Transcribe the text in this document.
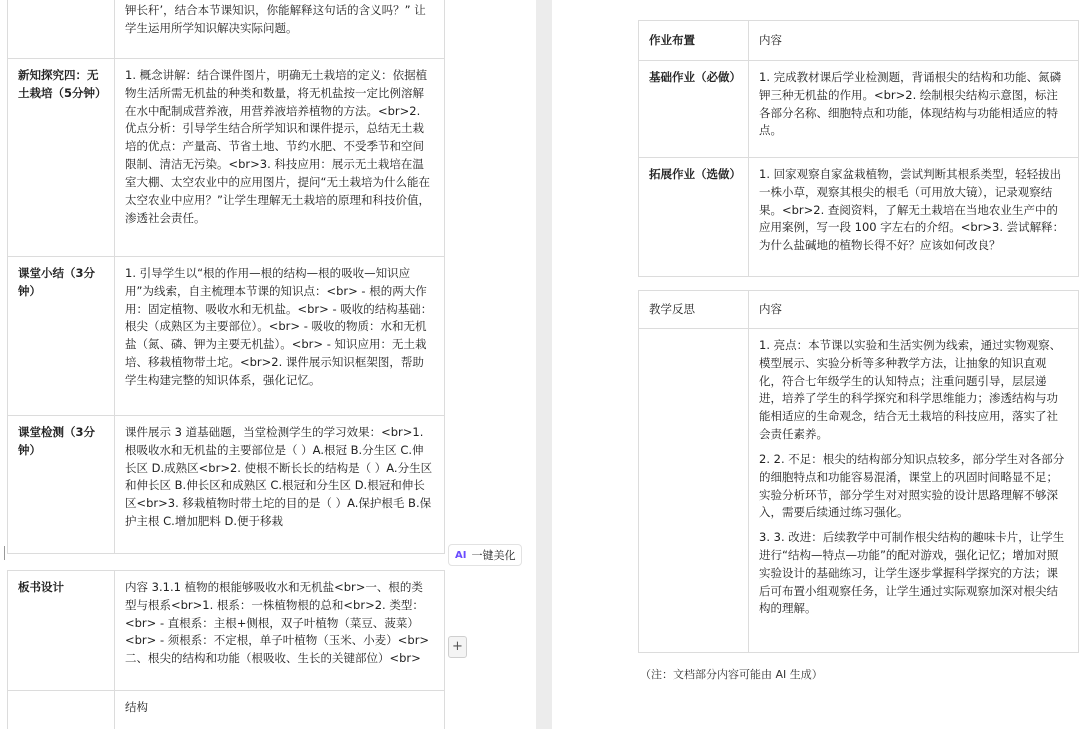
	钾长秆’，结合本节课知识，你能解释这句话的含义吗？” 让学生运用所学知识解决实际问题。

新知探究四：无土栽培（5分钟）	1. 概念讲解：结合课件图片，明确无土栽培的定义：依据植物生活所需无机盐的种类和数量，将无机盐按一定比例溶解在水中配制成营养液，用营养液培养植物的方法。<br>2. 优点分析：引导学生结合所学知识和课件提示，总结无土栽培的优点：产量高、节省土地、节约水肥、不受季节和空间限制、清洁无污染。<br>3. 科技应用：展示无土栽培在温室大棚、太空农业中的应用图片，提问“无土栽培为什么能在太空农业中应用？”让学生理解无土栽培的原理和科技价值，渗透社会责任。

课堂小结（3分钟）	1. 引导学生以“根的作用—根的结构—根的吸收—知识应用”为线索，自主梳理本节课的知识点：<br> - 根的两大作用：固定植物、吸收水和无机盐。<br> - 吸收的结构基础：根尖（成熟区为主要部位）。<br> - 吸收的物质：水和无机盐（氮、磷、钾为主要无机盐）。<br> - 知识应用：无土栽培、移栽植物带土坨。<br>2. 课件展示知识框架图，帮助学生构建完整的知识体系，强化记忆。

课堂检测（3分钟）	课件展示 3 道基础题，当堂检测学生的学习效果：<br>1. 根吸收水和无机盐的主要部位是（ ）A.根冠 B.分生区 C.伸长区 D.成熟区<br>2. 使根不断长长的结构是（ ）A.分生区和伸长区 B.伸长区和成熟区 C.根冠和分生区 D.根冠和伸长区<br>3. 移栽植物时带土坨的目的是（ ）A.保护根毛 B.保护主根 C.增加肥料 D.便于移栽
板书设计	内容 3.1.1 植物的根能够吸收水和无机盐<br>一、根的类型与根系<br>1. 根系：一株植物根的总和<br>2. 类型：<br> - 直根系：主根+侧根，双子叶植物（菜豆、菠菜）<br> - 须根系：不定根，单子叶植物（玉米、小麦）<br> 二、根尖的结构和功能（根吸收、生长的关键部位）<br>

	结构
作业布置	内容
基础作业（必做）	1. 完成教材课后学业检测题，背诵根尖的结构和功能、氮磷钾三种无机盐的作用。<br>2. 绘制根尖结构示意图，标注各部分名称、细胞特点和功能，体现结构与功能相适应的特点。

拓展作业（选做）	1. 回家观察自家盆栽植物，尝试判断其根系类型，轻轻拔出一株小草，观察其根尖的根毛（可用放大镜），记录观察结果。<br>2. 查阅资料，了解无土栽培在当地农业生产中的应用案例，写一段 100 字左右的介绍。<br>3. 尝试解释：为什么盐碱地的植物长得不好？应该如何改良？
教学反思	内容

	1. 亮点：本节课以实验和生活实例为线索，通过实物观察、模型展示、实验分析等多种教学方法，让抽象的知识直观化，符合七年级学生的认知特点；注重问题引导，层层递进，培养了学生的科学探究和科学思维能力；渗透结构与功能相适应的生命观念，结合无土栽培的科技应用，落实了社会责任素养。
2. 2. 不足：根尖的结构部分知识点较多，部分学生对各部分的细胞特点和功能容易混淆，课堂上的巩固时间略显不足；实验分析环节，部分学生对对照实验的设计思路理解不够深入，需要后续通过练习强化。
3. 3. 改进：后续教学中可制作根尖结构的趣味卡片，让学生进行“结构—特点—功能”的配对游戏，强化记忆；增加对照实验设计的基础练习，让学生逐步掌握科学探究的方法；课后可布置小组观察任务，让学生通过实际观察加深对根尖结构的理解。
（注：文档部分内容可能由 AI 生成）
AI 一键美化
+
